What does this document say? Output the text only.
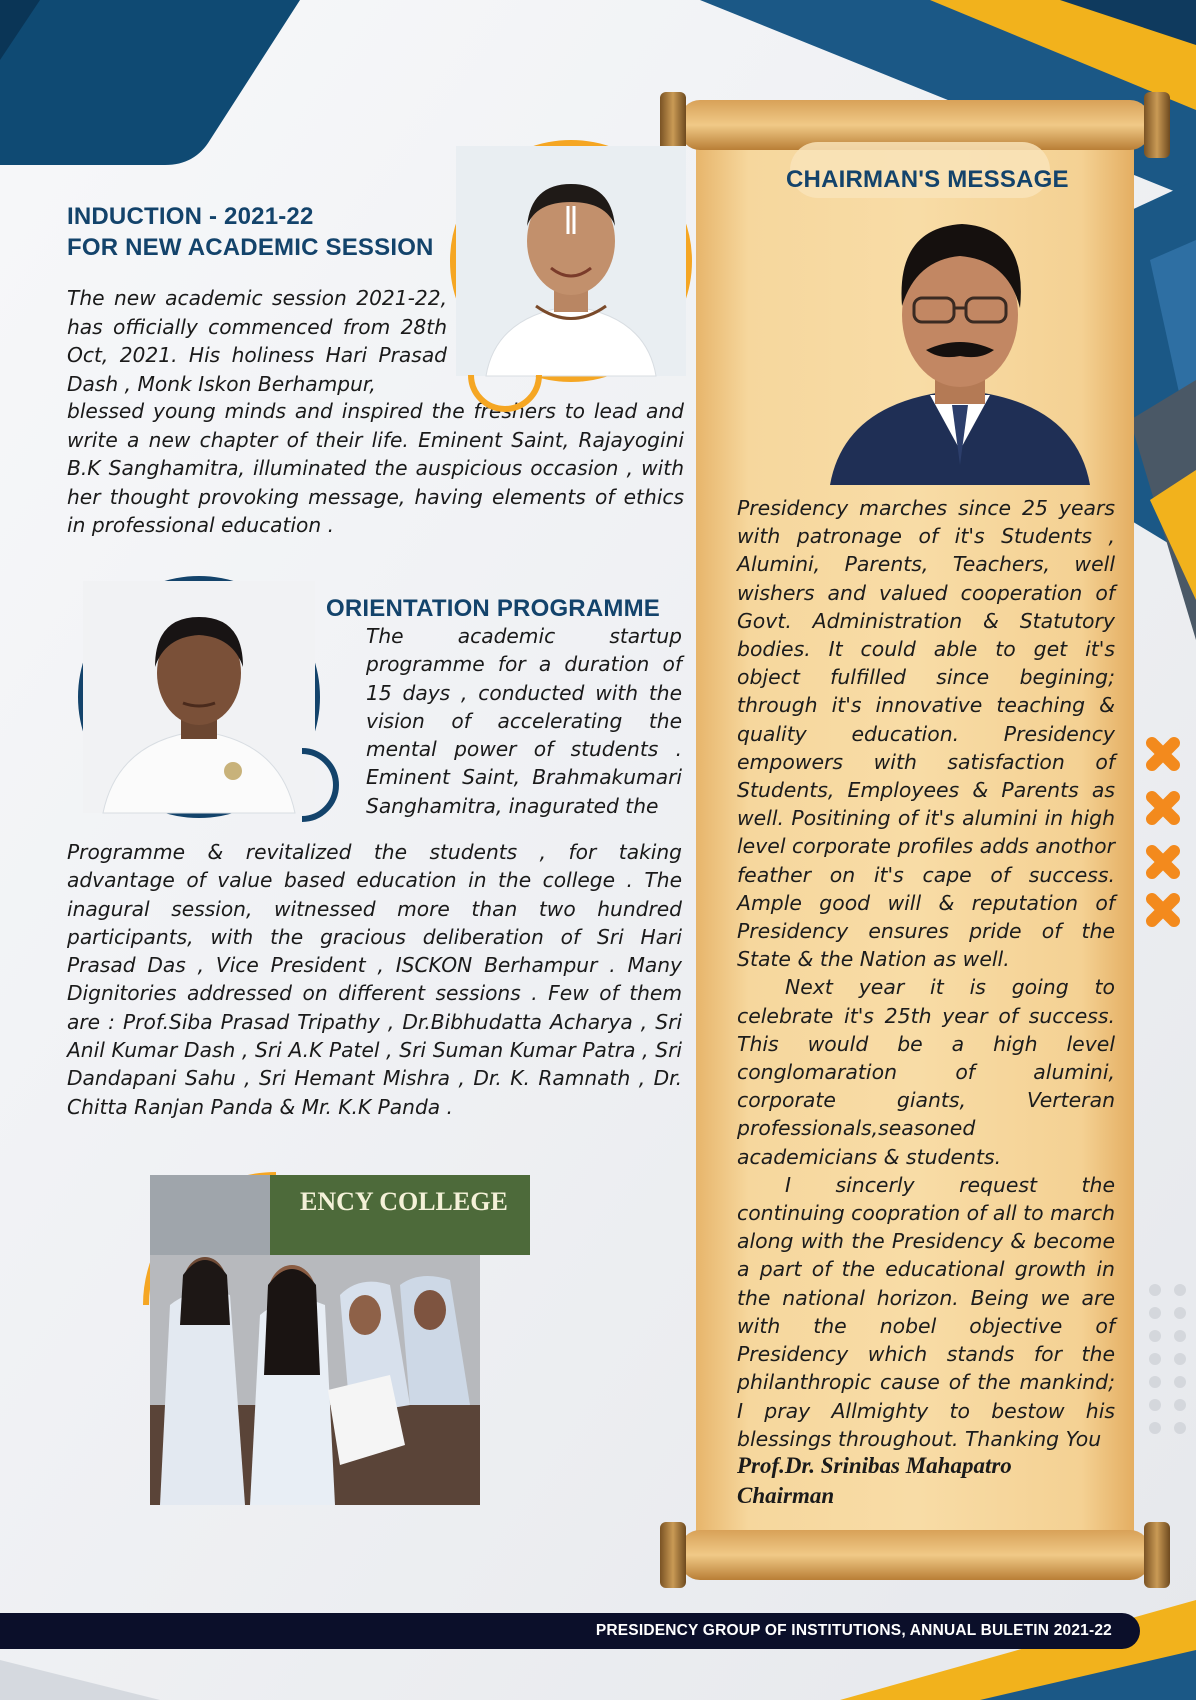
INDUCTION - 2021-22
FOR NEW ACADEMIC SESSION

The new academic session 2021-22, has officially commenced from 28th Oct, 2021. His holiness Hari Prasad Dash , Monk Iskon Berhampur,

blessed young minds and inspired the freshers to lead and write a new chapter of their life. Eminent Saint, Rajayogini B.K Sanghamitra, illuminated the auspicious occasion , with her thought provoking message, having elements of ethics in professional education .

ORIENTATION PROGRAMME

The academic startup programme for a duration of 15 days , conducted with the vision of accelerating the mental power of students . Eminent Saint, Brahmakumari Sanghamitra, inagurated the

Programme & revitalized the students , for taking advantage of value based education in the college . The inagural session, witnessed more than two hundred participants, with the gracious deliberation of Sri Hari Prasad Das , Vice President , ISCKON Berhampur . Many Dignitories addressed on different sessions . Few of them are : Prof.Siba Prasad Tripathy , Dr.Bibhudatta Acharya , Sri Anil Kumar Dash , Sri A.K Patel , Sri Suman Kumar Patra , Sri Dandapani Sahu , Sri Hemant Mishra , Dr. K. Ramnath , Dr. Chitta Ranjan Panda & Mr. K.K Panda .

ENCY COLLEGE
CHAIRMAN'S MESSAGE
Presidency marches since 25 years with patronage of it's Students , Alumini, Parents, Teachers, well wishers and valued cooperation of Govt. Administration & Statutory bodies. It could able to get it's object fulfilled since begining; through it's innovative teaching & quality education. Presidency empowers with satisfaction of Students, Employees & Parents as well. Positining of it's alumini in high level corporate profiles adds anothor feather on it's cape of success. Ample good will & reputation of Presidency ensures pride of the State & the Nation as well.
Next year it is going to celebrate it's 25th year of success. This would be a high level conglomaration of alumini, corporate giants, Verteran professionals,seasoned academicians & students.
I sincerly request the continuing coopration of all to march along with the Presidency & become a part of the educational growth in the national horizon. Being we are with the nobel objective of Presidency which stands for the philanthropic cause of the mankind; I pray Allmighty to bestow his blessings throughout. Thanking You

Prof.Dr. Srinibas Mahapatro
Chairman

PRESIDENCY GROUP OF INSTITUTIONS, ANNUAL BULETIN 2021-22
